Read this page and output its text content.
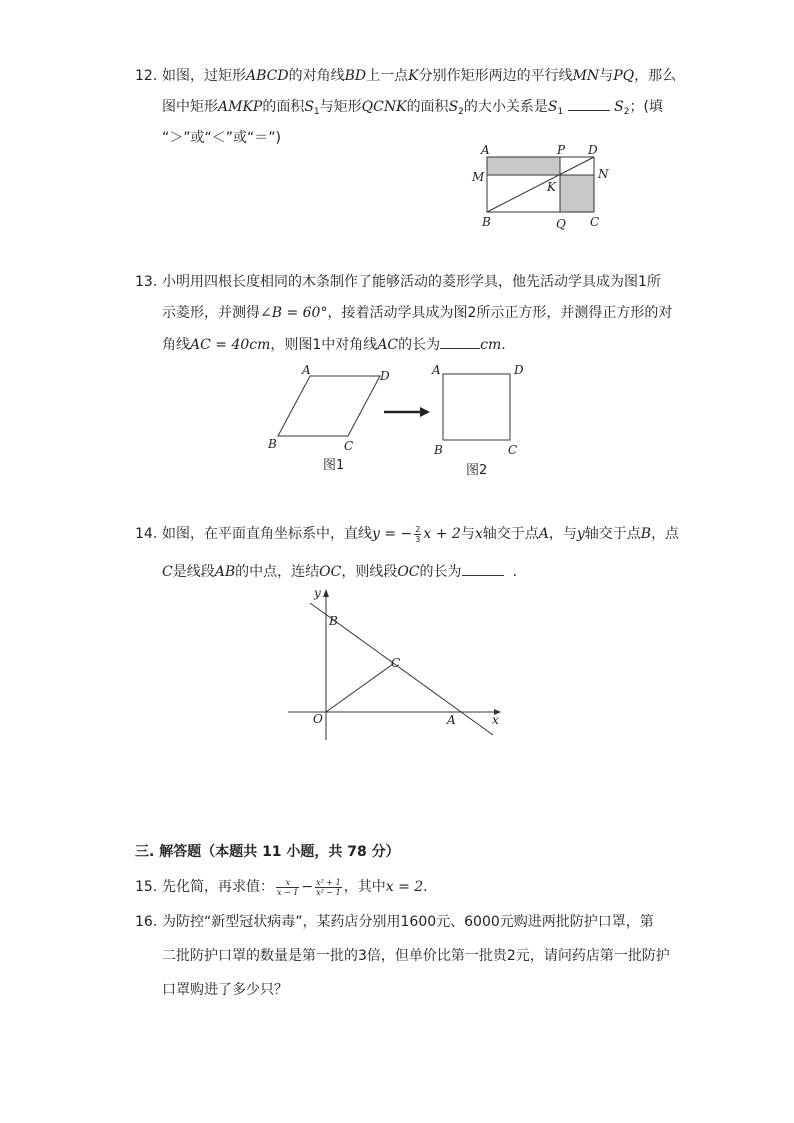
12. 如图，过矩形ABCD的对角线BD上一点K分别作矩形两边的平行线MN与PQ，那么
图中矩形AMKP的面积$S_1$与矩形QCNK的面积$S_2$的大小关系是$S_1$	$S_2$；(填
“＞”或“＜”或“＝”)
A	P D
M	N
K
B	Q C
13. 小明用四根长度相同的木条制作了能够活动的菱形学具，他先活动学具成为图1所
示菱形，并测得∠B = 60°，接着活动学具成为图2所示正方形，并测得正方形的对
角线AC = 40cm，则图1中对角线AC的长为	cm.
A	D
B	C
图1
A	D
B	C
图2
14. 如图，在平面直角坐标系中，直线y = − $\frac{2}{3}$ x + 2与x轴交于点A，与y轴交于点B，点
C是线段AB的中点，连结OC，则线段OC的长为	.
y
x
O	A
B
C
三. 解答题（本题共 11 小题，共 78 分）
15. 先化简，再求值： $\frac{x}{x - 1} - \frac{\text{x² + 1}}{\text{x² − 1}}$ ，其中x = 2.
16. 为防控“新型冠状病毒”，某药店分别用1600元、6000元购进两批防护口罩，第
二批防护口罩的数量是第一批的3倍，但单价比第一批贵2元，请问药店第一批防护
口罩购进了多少只？
